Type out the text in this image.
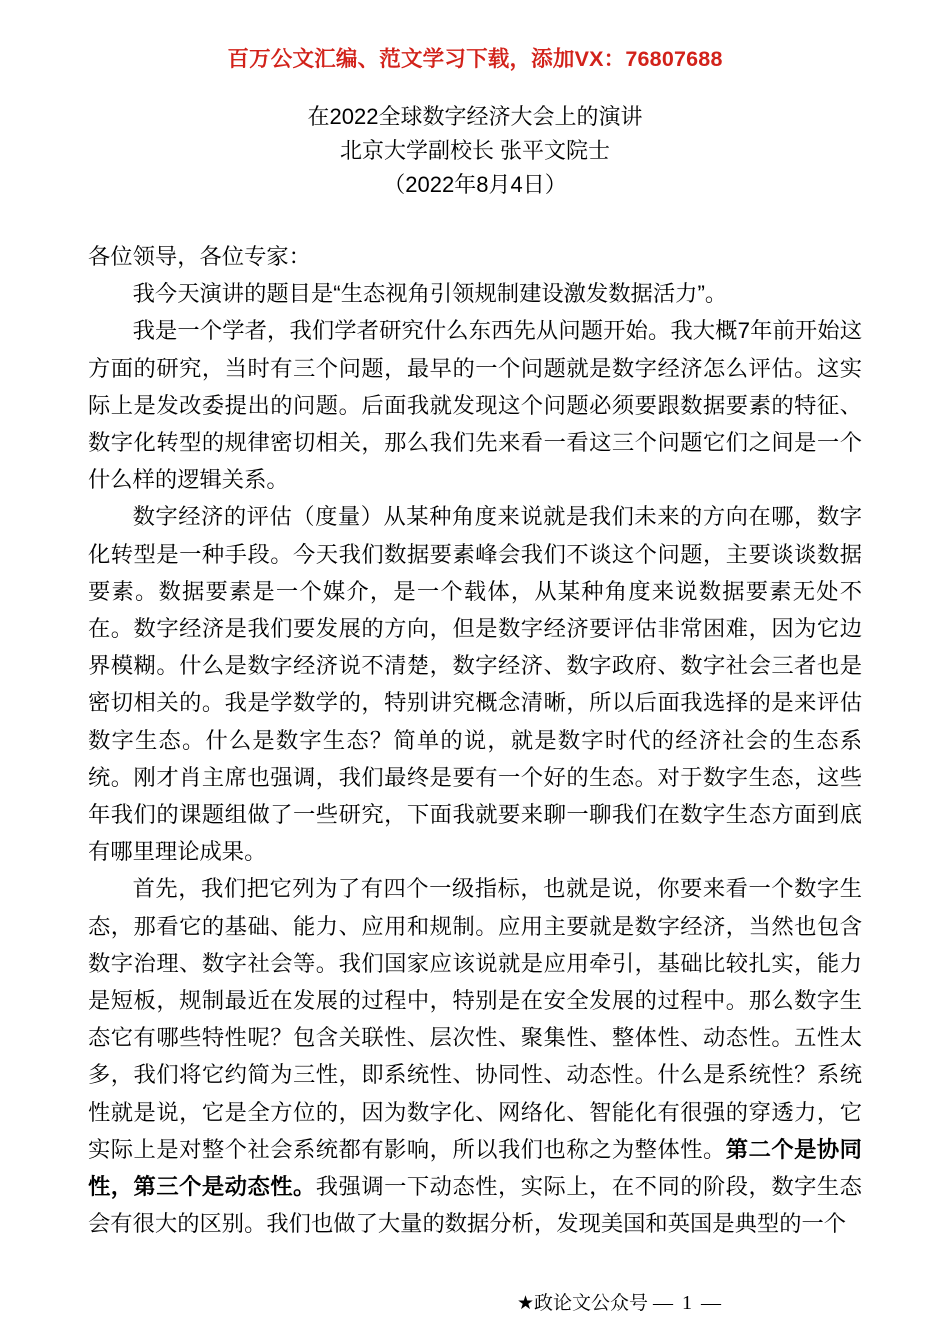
百万公文汇编、范文学习下载，添加VX：76807688
在2022全球数字经济大会上的演讲
北京大学副校长 张平文院士
（2022年8月4日）

各位领导，各位专家：

我今天演讲的题目是“生态视角引领规制建设激发数据活力”。

我是一个学者，我们学者研究什么东西先从问题开始。我大概7年前开始这方面的研究，当时有三个问题，最早的一个问题就是数字经济怎么评估。这实际上是发改委提出的问题。后面我就发现这个问题必须要跟数据要素的特征、数字化转型的规律密切相关，那么我们先来看一看这三个问题它们之间是一个什么样的逻辑关系。

数字经济的评估（度量）从某种角度来说就是我们未来的方向在哪，数字化转型是一种手段。今天我们数据要素峰会我们不谈这个问题，主要谈谈数据要素。数据要素是一个媒介，是一个载体，从某种角度来说数据要素无处不在。数字经济是我们要发展的方向，但是数字经济要评估非常困难，因为它边界模糊。什么是数字经济说不清楚，数字经济、数字政府、数字社会三者也是密切相关的。我是学数学的，特别讲究概念清晰，所以后面我选择的是来评估数字生态。什么是数字生态？简单的说，就是数字时代的经济社会的生态系统。刚才肖主席也强调，我们最终是要有一个好的生态。对于数字生态，这些年我们的课题组做了一些研究，下面我就要来聊一聊我们在数字生态方面到底有哪里理论成果。

首先，我们把它列为了有四个一级指标，也就是说，你要来看一个数字生态，那看它的基础、能力、应用和规制。应用主要就是数字经济，当然也包含数字治理、数字社会等。我们国家应该说就是应用牵引，基础比较扎实，能力是短板，规制最近在发展的过程中，特别是在安全发展的过程中。那么数字生态它有哪些特性呢？包含关联性、层次性、聚集性、整体性、动态性。五性太多，我们将它约简为三性，即系统性、协同性、动态性。什么是系统性？系统性就是说，它是全方位的，因为数字化、网络化、智能化有很强的穿透力，它实际上是对整个社会系统都有影响，所以我们也称之为整体性。第二个是协同性，第三个是动态性。我强调一下动态性，实际上，在不同的阶段，数字生态会有很大的区别。我们也做了大量的数据分析，发现美国和英国是典型的一个

★政论文公众号 — 1 —
